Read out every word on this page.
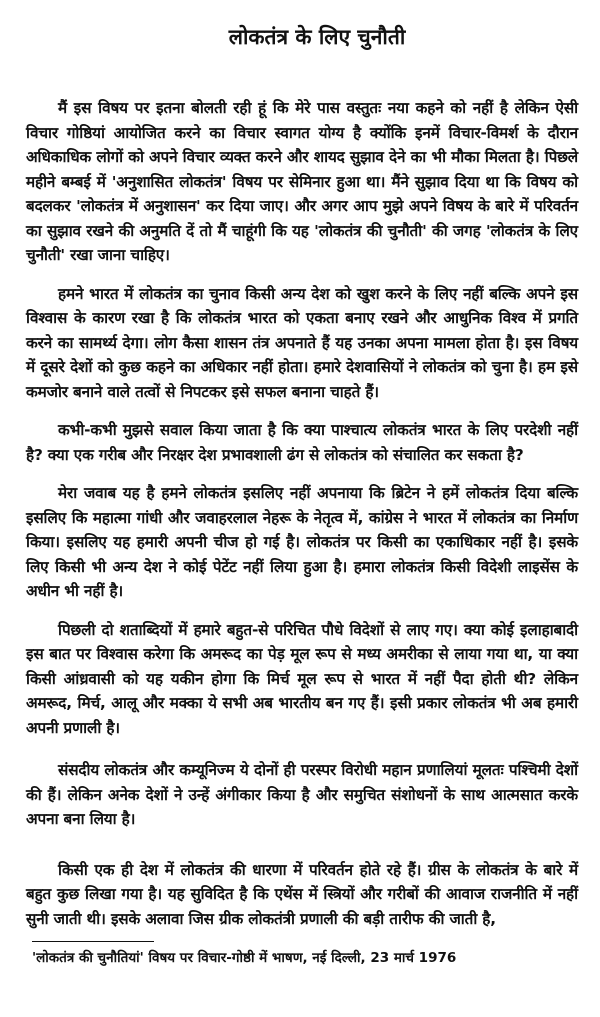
लोकतंत्र के लिए चुनौती

मैं इस विषय पर इतना बोलती रही हूं कि मेरे पास वस्तुतः नया कहने को नहीं है लेकिन ऐसी विचार गोष्ठियां आयोजित करने का विचार स्वागत योग्य है क्योंकि इनमें विचार-विमर्श के दौरान अधिकाधिक लोगों को अपने विचार व्यक्त करने और शायद सुझाव देने का भी मौका मिलता है। पिछले महीने बम्बई में 'अनुशासित लोकतंत्र' विषय पर सेमिनार हुआ था। मैंने सुझाव दिया था कि विषय को बदलकर 'लोकतंत्र में अनुशासन' कर दिया जाए। और अगर आप मुझे अपने विषय के बारे में परिवर्तन का सुझाव रखने की अनुमति दें तो मैं चाहूंगी कि यह 'लोकतंत्र की चुनौती' की जगह 'लोकतंत्र के लिए चुनौती' रखा जाना चाहिए।

हमने भारत में लोकतंत्र का चुनाव किसी अन्य देश को खुश करने के लिए नहीं बल्कि अपने इस विश्वास के कारण रखा है कि लोकतंत्र भारत को एकता बनाए रखने और आधुनिक विश्व में प्रगति करने का सामर्थ्य देगा। लोग कैसा शासन तंत्र अपनाते हैं यह उनका अपना मामला होता है। इस विषय में दूसरे देशों को कुछ कहने का अधिकार नहीं होता। हमारे देशवासियों ने लोकतंत्र को चुना है। हम इसे कमजोर बनाने वाले तत्वों से निपटकर इसे सफल बनाना चाहते हैं।

कभी-कभी मुझसे सवाल किया जाता है कि क्या पाश्चात्य लोकतंत्र भारत के लिए परदेशी नहीं है? क्या एक गरीब और निरक्षर देश प्रभावशाली ढंग से लोकतंत्र को संचालित कर सकता है?

मेरा जवाब यह है हमने लोकतंत्र इसलिए नहीं अपनाया कि ब्रिटेन ने हमें लोकतंत्र दिया बल्कि इसलिए कि महात्मा गांधी और जवाहरलाल नेहरू के नेतृत्व में, कांग्रेस ने भारत में लोकतंत्र का निर्माण किया। इसलिए यह हमारी अपनी चीज हो गई है। लोकतंत्र पर किसी का एकाधिकार नहीं है। इसके लिए किसी भी अन्य देश ने कोई पेटेंट नहीं लिया हुआ है। हमारा लोकतंत्र किसी विदेशी लाइसेंस के अधीन भी नहीं है।

पिछली दो शताब्दियों में हमारे बहुत-से परिचित पौधे विदेशों से लाए गए। क्या कोई इलाहाबादी इस बात पर विश्वास करेगा कि अमरूद का पेड़ मूल रूप से मध्य अमरीका से लाया गया था, या क्या किसी आंध्रवासी को यह यकीन होगा कि मिर्च मूल रूप से भारत में नहीं पैदा होती थी? लेकिन अमरूद, मिर्च, आलू और मक्का ये सभी अब भारतीय बन गए हैं। इसी प्रकार लोकतंत्र भी अब हमारी अपनी प्रणाली है।

संसदीय लोकतंत्र और कम्यूनिज्म ये दोनों ही परस्पर विरोधी महान प्रणालियां मूलतः पश्चिमी देशों की हैं। लेकिन अनेक देशों ने उन्हें अंगीकार किया है और समुचित संशोधनों के साथ आत्मसात करके अपना बना लिया है।

किसी एक ही देश में लोकतंत्र की धारणा में परिवर्तन होते रहे हैं। ग्रीस के लोकतंत्र के बारे में बहुत कुछ लिखा गया है। यह सुविदित है कि एथेंस में स्त्रियों और गरीबों की आवाज राजनीति में नहीं सुनी जाती थी। इसके अलावा जिस ग्रीक लोकतंत्री प्रणाली की बड़ी तारीफ की जाती है,

'लोकतंत्र की चुनौतियां' विषय पर विचार-गोष्ठी में भाषण, नई दिल्ली, 23 मार्च 1976
